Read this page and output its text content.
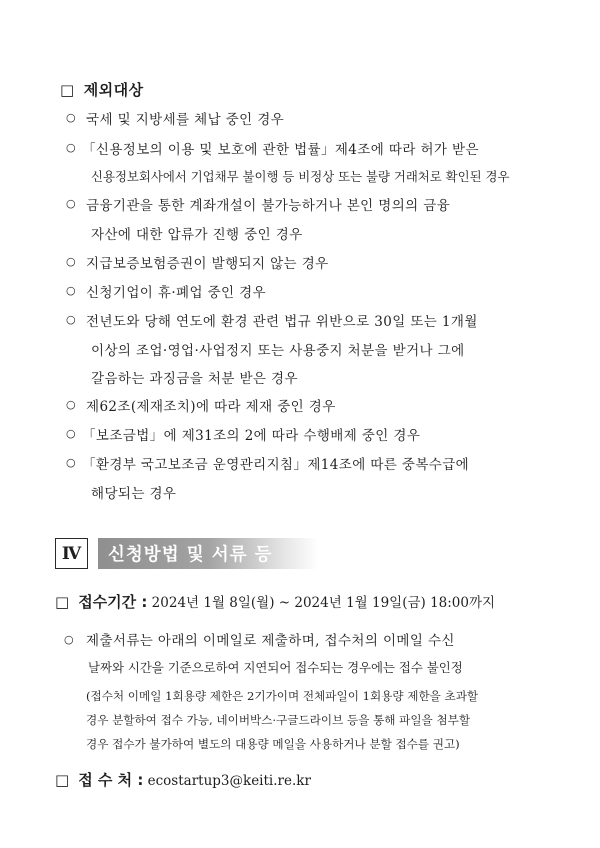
□ 제외대상
○ 국세 및 지방세를 체납 중인 경우
○ 「신용정보의 이용 및 보호에 관한 법률」제4조에 따라 허가 받은
신용정보회사에서 기업채무 불이행 등 비정상 또는 불량 거래처로 확인된 경우
○ 금융기관을 통한 계좌개설이 불가능하거나 본인 명의의 금융
자산에 대한 압류가 진행 중인 경우
○ 지급보증보험증권이 발행되지 않는 경우
○ 신청기업이 휴·폐업 중인 경우
○ 전년도와 당해 연도에 환경 관련 법규 위반으로 30일 또는 1개월
이상의 조업·영업·사업정지 또는 사용중지 처분을 받거나 그에
갈음하는 과징금을 처분 받은 경우
○ 제62조(제재조치)에 따라 제재 중인 경우
○ 「보조금법」에 제31조의 2에 따라 수행배제 중인 경우
○ 「환경부 국고보조금 운영관리지침」제14조에 따른 중복수급에
해당되는 경우
Ⅳ	신청방법 및 서류 등
□ 접수기간 : 2024년 1월 8일(월) ~ 2024년 1월 19일(금) 18:00까지
○ 제출서류는 아래의 이메일로 제출하며, 접수처의 이메일 수신
날짜와 시간을 기준으로하여 지연되어 접수되는 경우에는 접수 불인정
(접수처 이메일 1회용량 제한은 2기가이며 전체파일이 1회용량 제한을 초과할
경우 분할하여 접수 가능, 네이버박스·구글드라이브 등을 통해 파일을 첨부할
경우 접수가 불가하여 별도의 대용량 메일을 사용하거나 분할 접수를 권고)
□ 접 수 처 : ecostartup3@keiti.re.kr
